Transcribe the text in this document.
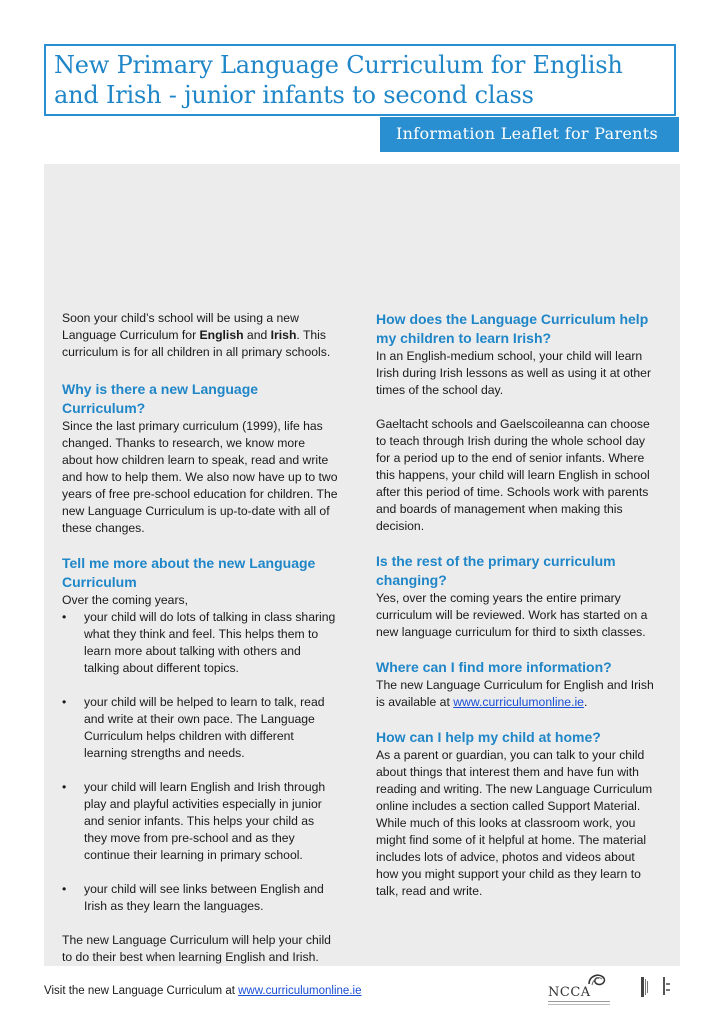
New Primary Language Curriculum for English and Irish - junior infants to second class
Information Leaflet for Parents

Soon your child’s school will be using a new Language Curriculum for English and Irish. This curriculum is for all children in all primary schools.

Why is there a new Language Curriculum?

Since the last primary curriculum (1999), life has changed. Thanks to research, we know more about how children learn to speak, read and write and how to help them. We also now have up to two years of free pre-school education for children. The new Language Curriculum is up-to-date with all of these changes.

Tell me more about the new Language Curriculum

Over the coming years,

• your child will do lots of talking in class sharing what they think and feel. This helps them to learn more about talking with others and talking about different topics.
• your child will be helped to learn to talk, read and write at their own pace. The Language Curriculum helps children with different learning strengths and needs.
• your child will learn English and Irish through play and playful activities especially in junior and senior infants. This helps your child as they move from pre-school and as they continue their learning in primary school.
• your child will see links between English and Irish as they learn the languages.

The new Language Curriculum will help your child to do their best when learning English and Irish.

How does the Language Curriculum help my children to learn Irish?

In an English-medium school, your child will learn Irish during Irish lessons as well as using it at other times of the school day.

Gaeltacht schools and Gaelscoileanna can choose to teach through Irish during the whole school day for a period up to the end of senior infants. Where this happens, your child will learn English in school after this period of time. Schools work with parents and boards of management when making this decision.

Is the rest of the primary curriculum changing?

Yes, over the coming years the entire primary curriculum will be reviewed. Work has started on a new language curriculum for third to sixth classes.

Where can I find more information?

The new Language Curriculum for English and Irish is available at www.curriculumonline.ie.

How can I help my child at home?

As a parent or guardian, you can talk to your child about things that interest them and have fun with reading and writing. The new Language Curriculum online includes a section called Support Material. While much of this looks at classroom work, you might find some of it helpful at home. The material includes lots of advice, photos and videos about how you might support your child as they learn to talk, read and write.

Visit the new Language Curriculum at www.curriculumonline.ie	NCCA
